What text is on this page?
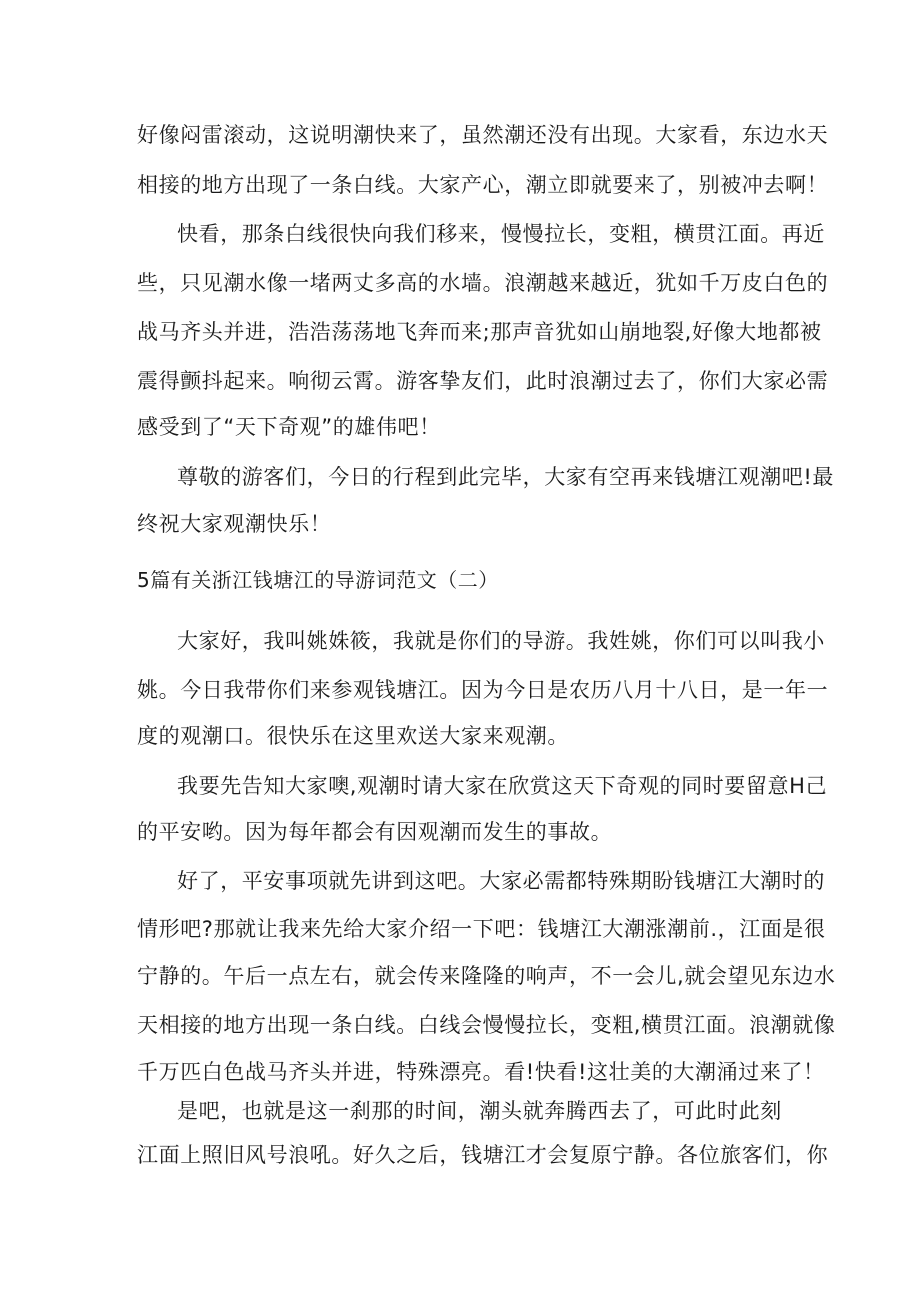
好像闷雷滚动，这说明潮快来了，虽然潮还没有出现。大家看，东边水天
相接的地方出现了一条白线。大家产心，潮立即就要来了，别被冲去啊！
快看，那条白线很快向我们移来，慢慢拉长，变粗，横贯江面。再近
些，只见潮水像一堵两丈多高的水墙。浪潮越来越近，犹如千万皮白色的
战马齐头并进，浩浩荡荡地飞奔而来;那声音犹如山崩地裂,好像大地都被
震得颤抖起来。响彻云霄。游客挚友们，此时浪潮过去了，你们大家必需
感受到了“天下奇观”的雄伟吧！
尊敬的游客们，今日的行程到此完毕，大家有空再来钱塘江观潮吧!最
终祝大家观潮快乐！
5篇有关浙江钱塘江的导游词范文（二）
大家好，我叫姚姝筱，我就是你们的导游。我姓姚，你们可以叫我小
姚。今日我带你们来参观钱塘江。因为今日是农历八月十八日，是一年一
度的观潮口。很快乐在这里欢送大家来观潮。
我要先告知大家噢,观潮时请大家在欣赏这天下奇观的同时要留意H己
的平安哟。因为每年都会有因观潮而发生的事故。
好了，平安事项就先讲到这吧。大家必需都特殊期盼钱塘江大潮时的
情形吧?那就让我来先给大家介绍一下吧：钱塘江大潮涨潮前.，江面是很
宁静的。午后一点左右，就会传来隆隆的响声，不一会儿,就会望见东边水
天相接的地方出现一条白线。白线会慢慢拉长，变粗,横贯江面。浪潮就像
千万匹白色战马齐头并进，特殊漂亮。看!快看!这壮美的大潮涌过来了！
是吧，也就是这一刹那的时间，潮头就奔腾西去了，可此时此刻
江面上照旧风号浪吼。好久之后，钱塘江才会复原宁静。各位旅客们，你
